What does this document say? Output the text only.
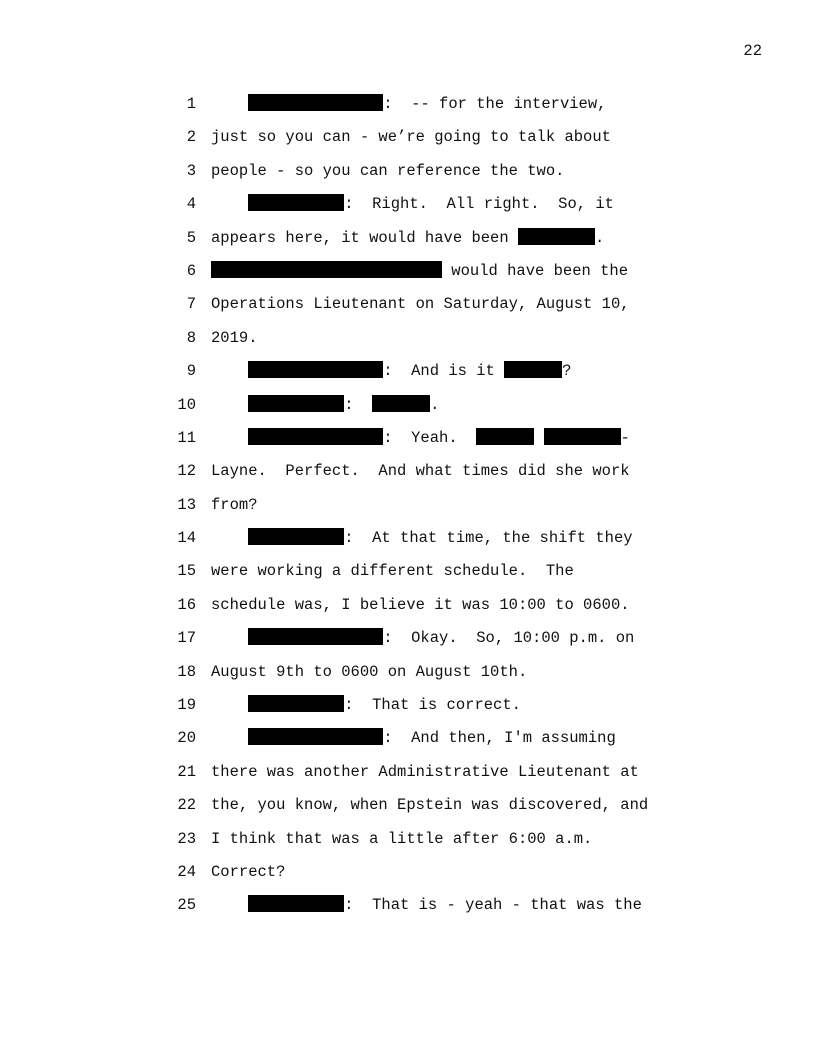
22
1	:  -- for the interview,
2 just so you can - we’re going to talk about
3 people - so you can reference the two.
4	:  Right.  All right.  So, it
5 appears here, it would have been	.
6	would have been the
7 Operations Lieutenant on Saturday, August 10,
8 2019.
9	:  And is it	?
10	:	.
11	:  Yeah.	-
12 Layne.  Perfect.  And what times did she work
13 from?
14	:  At that time, the shift they
15 were working a different schedule.  The
16 schedule was, I believe it was 10:00 to 0600.
17	:  Okay.  So, 10:00 p.m. on
18 August 9th to 0600 on August 10th.
19	:  That is correct.
20	:  And then, I'm assuming
21 there was another Administrative Lieutenant at
22 the, you know, when Epstein was discovered, and
23 I think that was a little after 6:00 a.m.
24 Correct?
25	:  That is - yeah - that was the
